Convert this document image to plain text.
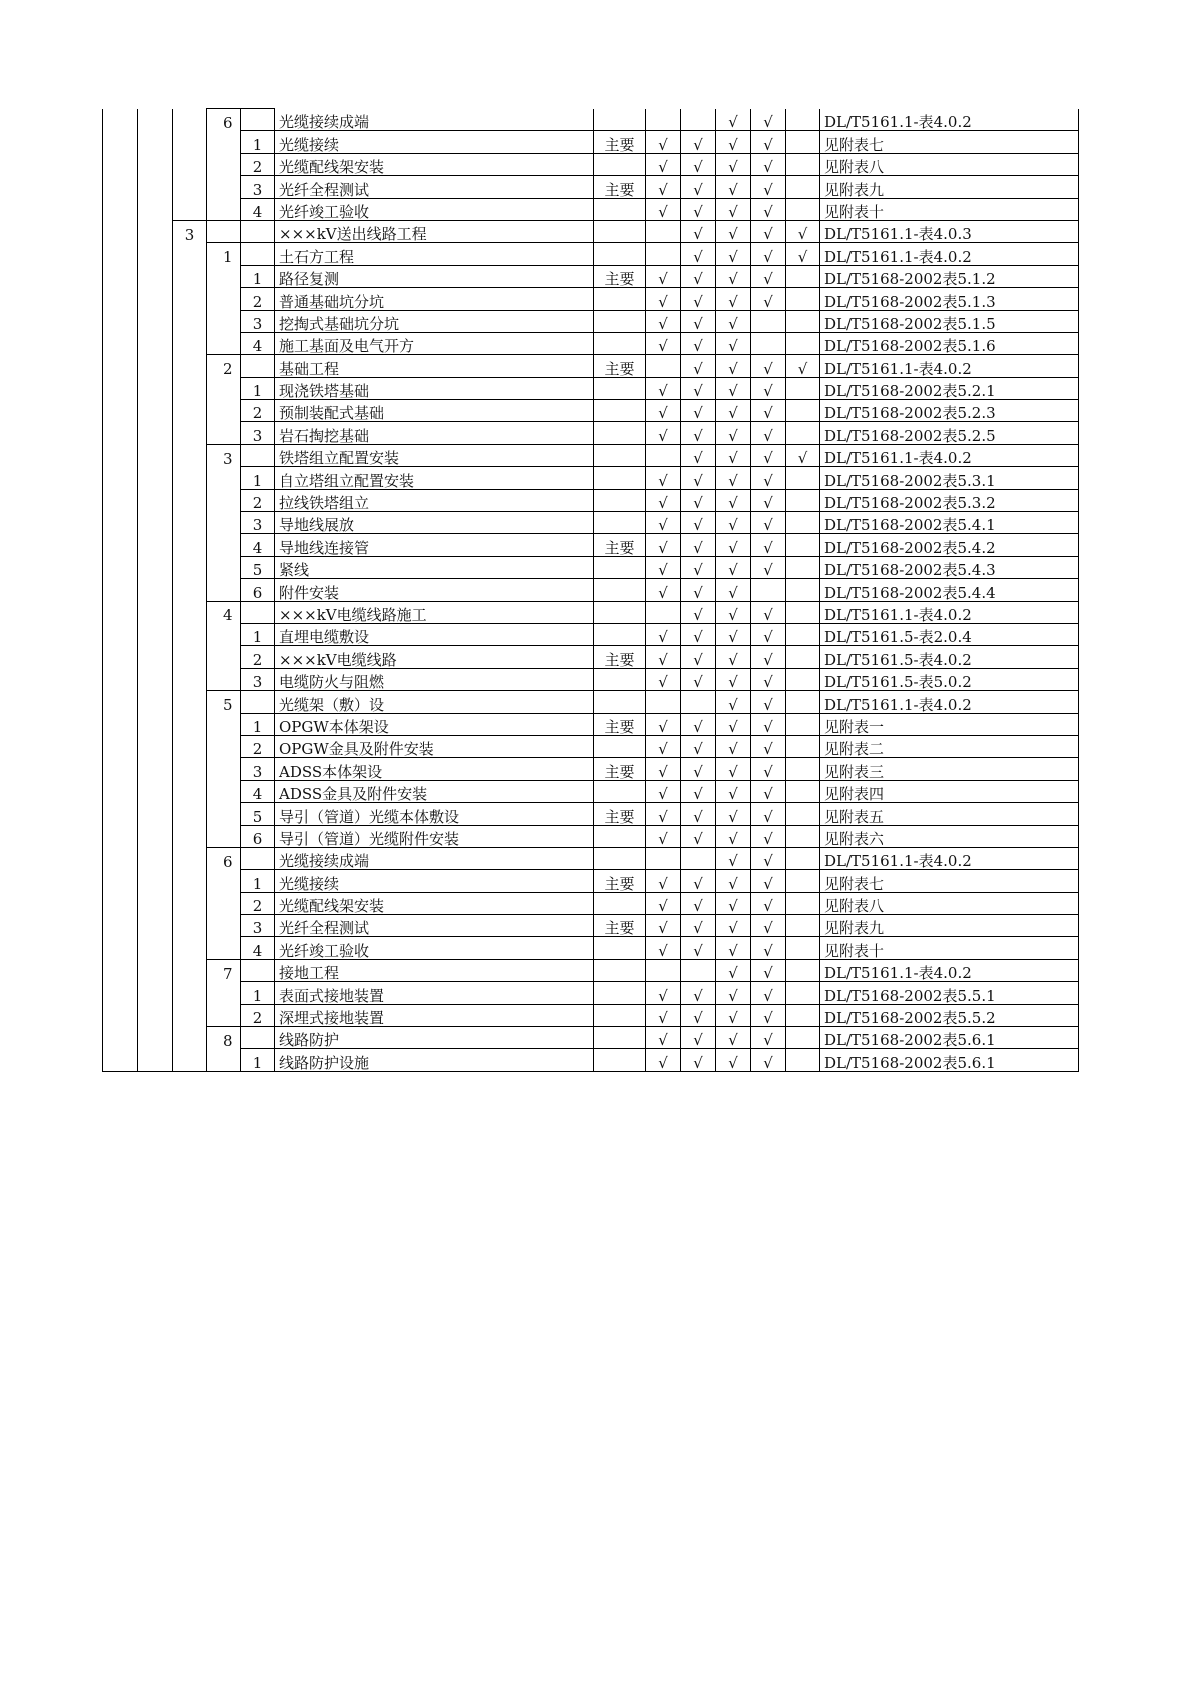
			6		光缆接续成端				√	√		DL/T5161.1-表4.0.2

	1	光缆接续	主要	√	√	√	√		见附表七

	2	光缆配线架安装		√	√	√	√		见附表八

	3	光纤全程测试	主要	√	√	√	√		见附表九

	4	光纤竣工验收		√	√	√	√		见附表十

		3			×××kV送出线路工程			√	√	√	√	DL/T5161.1-表4.0.3

			1		土石方工程			√	√	√	√	DL/T5161.1-表4.0.2

	1	路径复测	主要	√	√	√	√		DL/T5168-2002表5.1.2

	2	普通基础坑分坑		√	√	√	√		DL/T5168-2002表5.1.3

	3	挖掏式基础坑分坑		√	√	√			DL/T5168-2002表5.1.5

	4	施工基面及电气开方		√	√	√			DL/T5168-2002表5.1.6

			2		基础工程	主要		√	√	√	√	DL/T5161.1-表4.0.2

	1	现浇铁塔基础		√	√	√	√		DL/T5168-2002表5.2.1

	2	预制装配式基础		√	√	√	√		DL/T5168-2002表5.2.3

	3	岩石掏挖基础		√	√	√	√		DL/T5168-2002表5.2.5

			3		铁塔组立配置安装			√	√	√	√	DL/T5161.1-表4.0.2

	1	自立塔组立配置安装		√	√	√	√		DL/T5168-2002表5.3.1

	2	拉线铁塔组立		√	√	√	√		DL/T5168-2002表5.3.2

	3	导地线展放		√	√	√	√		DL/T5168-2002表5.4.1

	4	导地线连接管	主要	√	√	√	√		DL/T5168-2002表5.4.2

	5	紧线		√	√	√	√		DL/T5168-2002表5.4.3

	6	附件安装		√	√	√			DL/T5168-2002表5.4.4

			4		×××kV电缆线路施工			√	√	√		DL/T5161.1-表4.0.2

	1	直埋电缆敷设		√	√	√	√		DL/T5161.5-表2.0.4

	2	×××kV电缆线路	主要	√	√	√	√		DL/T5161.5-表4.0.2

	3	电缆防火与阻燃		√	√	√	√		DL/T5161.5-表5.0.2

			5		光缆架（敷）设				√	√		DL/T5161.1-表4.0.2

	1	OPGW本体架设	主要	√	√	√	√		见附表一

	2	OPGW金具及附件安装		√	√	√	√		见附表二

	3	ADSS本体架设	主要	√	√	√	√		见附表三

	4	ADSS金具及附件安装		√	√	√	√		见附表四

	5	导引（管道）光缆本体敷设	主要	√	√	√	√		见附表五

	6	导引（管道）光缆附件安装		√	√	√	√		见附表六

			6		光缆接续成端				√	√		DL/T5161.1-表4.0.2

	1	光缆接续	主要	√	√	√	√		见附表七

	2	光缆配线架安装		√	√	√	√		见附表八

	3	光纤全程测试	主要	√	√	√	√		见附表九

	4	光纤竣工验收		√	√	√	√		见附表十

			7		接地工程				√	√		DL/T5161.1-表4.0.2

	1	表面式接地装置		√	√	√	√		DL/T5168-2002表5.5.1

	2	深埋式接地装置		√	√	√	√		DL/T5168-2002表5.5.2

			8		线路防护		√	√	√	√		DL/T5168-2002表5.6.1

	1	线路防护设施		√	√	√	√		DL/T5168-2002表5.6.1
